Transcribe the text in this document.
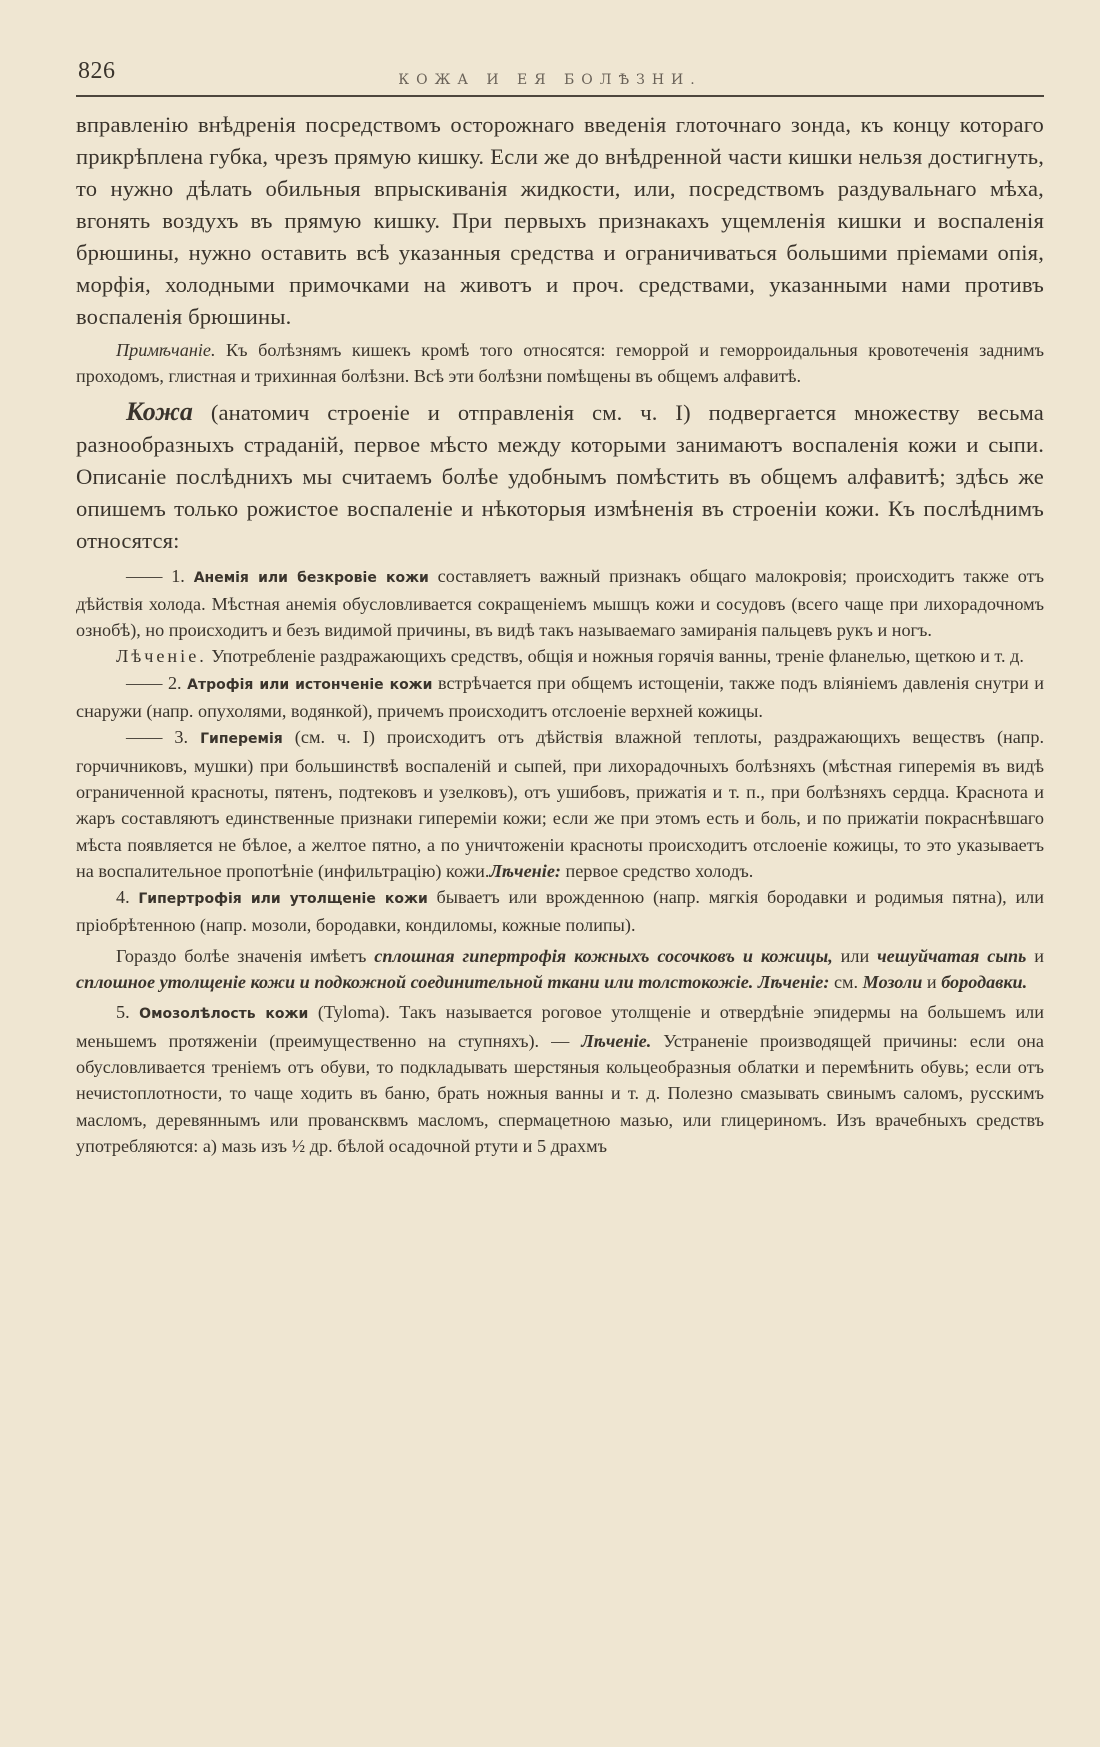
826	КОЖА И ЕЯ БОЛѢЗНИ.

вправленію внѣдренія посредствомъ осторожнаго введенія глоточнаго зонда, къ концу котораго прикрѣплена губка, чрезъ прямую кишку. Если же до внѣдренной части кишки нельзя достигнуть, то нужно дѣлать обильныя впрыскиванія жидкости, или, посредствомъ раздувальнаго мѣха, вгонять воздухъ въ прямую кишку. При первыхъ признакахъ ущемленія кишки и воспаленія брюшины, нужно оставить всѣ указанныя средства и ограничиваться большими пріемами опія, морфія, холодными примочками на животъ и проч. средствами, указанными нами противъ воспаленія брюшины.

Примѣчаніе. Къ болѣзнямъ кишекъ кромѣ того относятся: геморрой и геморроидальныя кровотеченія заднимъ проходомъ, глистная и трихинная болѣзни. Всѣ эти болѣзни помѣщены въ общемъ алфавитѣ.

Кожа (анатомич строеніе и отправленія см. ч. I) подвергается множеству весьма разнообразныхъ страданій, первое мѣсто между которыми занимаютъ воспаленія кожи и сыпи. Описаніе послѣднихъ мы считаемъ болѣе удобнымъ помѣстить въ общемъ алфавитѣ; здѣсь же опишемъ только рожистое воспаленіе и нѣкоторыя измѣненія въ строеніи кожи. Къ послѣднимъ относятся:

—— 1. Анемія или безкровіе кожи составляетъ важный признакъ общаго малокровія; происходитъ также отъ дѣйствія холода. Мѣстная анемія обусловливается сокращеніемъ мышцъ кожи и сосудовъ (всего чаще при лихорадочномъ ознобѣ), но происходитъ и безъ видимой причины, въ видѣ такъ называемаго замиранія пальцевъ рукъ и ногъ.

Лѣченіе. Употребленіе раздражающихъ средствъ, общія и ножныя горячія ванны, треніе фланелью, щеткою и т. д.

—— 2. Атрофія или истонченіе кожи встрѣчается при общемъ истощеніи, также подъ вліяніемъ давленія снутри и снаружи (напр. опухолями, водянкой), причемъ происходитъ отслоеніе верхней кожицы.

—— 3. Гиперемія (см. ч. I) происходитъ отъ дѣйствія влажной теплоты, раздражающихъ веществъ (напр. горчичниковъ, мушки) при большинствѣ воспаленій и сыпей, при лихорадочныхъ болѣзняхъ (мѣстная гиперемія въ видѣ ограниченной красноты, пятенъ, подтековъ и узелковъ), отъ ушибовъ, прижатія и т. п., при болѣзняхъ сердца. Краснота и жаръ составляютъ единственные признаки гипереміи кожи; если же при этомъ есть и боль, и по прижатіи покраснѣвшаго мѣста появляется не бѣлое, а желтое пятно, а по уничтоженіи красноты происходитъ отслоеніе кожицы, то это указываетъ на воспалительное пропотѣніе (инфильтрацію) кожи.Лѣченіе: первое средство холодъ.

4. Гипертрофія или утолщеніе кожи бываетъ или врожденною (напр. мягкія бородавки и родимыя пятна), или пріобрѣтенною (напр. мозоли, бородавки, кондиломы, кожные полипы).

Гораздо болѣе значенія имѣетъ сплошная гипертрофія кожныхъ сосочковъ и кожицы, или чешуйчатая сыпь и сплошное утолщеніе кожи и подкожной соединительной ткани или толстокожіе. Лѣченіе: см. Мозоли и бородавки.

5. Омозолѣлость кожи (Tyloma). Такъ называется роговое утолщеніе и отвердѣніе эпидермы на большемъ или меньшемъ протяженіи (преимущественно на ступняхъ). — Лѣченіе. Устраненіе производящей причины: если она обусловливается треніемъ отъ обуви, то подкладывать шерстяныя кольцеобразныя облатки и перемѣнить обувь; если отъ нечистоплотности, то чаще ходить въ баню, брать ножныя ванны и т. д. Полезно смазывать свинымъ саломъ, русскимъ масломъ, деревяннымъ или провансквмъ масломъ, спермацетною мазью, или глицериномъ. Изъ врачебныхъ средствъ употребляются: а) мазь изъ ½ др. бѣлой осадочной ртути и 5 драхмъ
